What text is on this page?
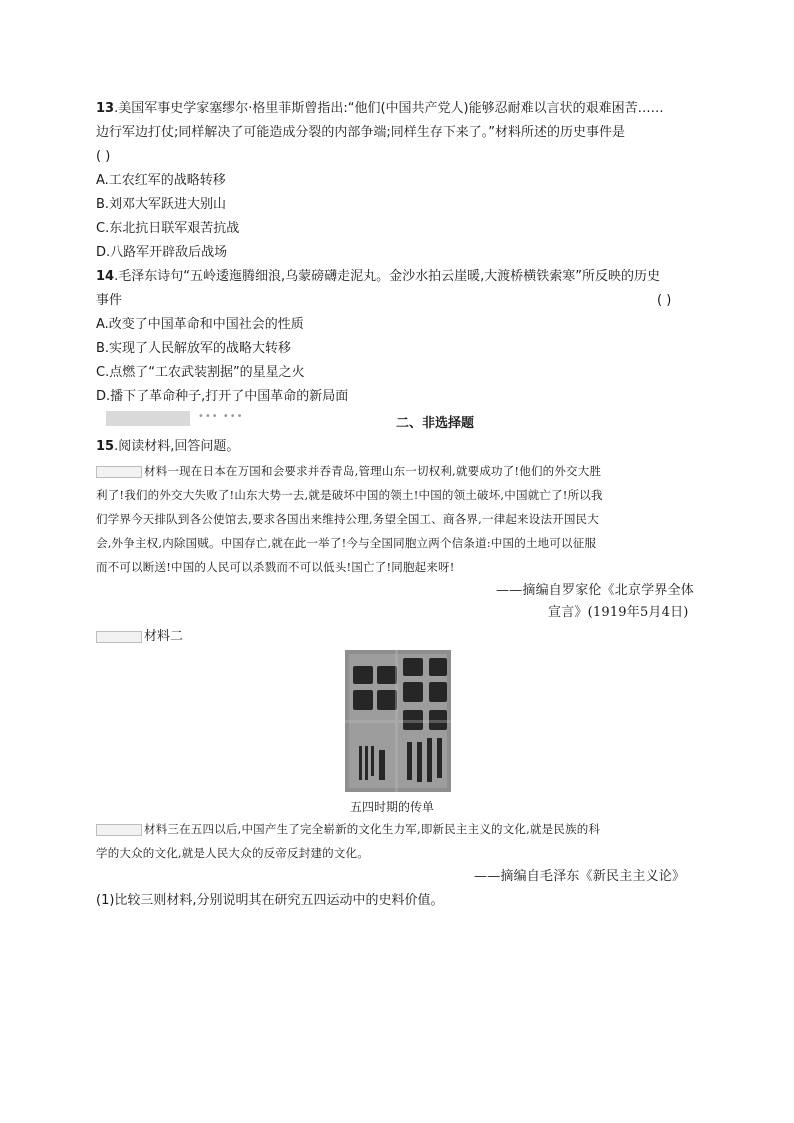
13.美国军事史学家塞缪尔·格里菲斯曾指出:“他们(中国共产党人)能够忍耐难以言状的艰难困苦……
边行军边打仗;同样解决了可能造成分裂的内部争端;同样生存下来了。”材料所述的历史事件是
( )
A.工农红军的战略转移
B.刘邓大军跃进大别山
C.东北抗日联军艰苦抗战
D.八路军开辟敌后战场
14.毛泽东诗句“五岭逶迤腾细浪,乌蒙磅礴走泥丸。金沙水拍云崖暖,大渡桥横铁索寒”所反映的历史
事件	( )
A.改变了中国革命和中国社会的性质
B.实现了人民解放军的战略大转移
C.点燃了“工农武装割据”的星星之火
D.播下了革命种子,打开了中国革命的新局面
••• •••	二、非选择题
15.阅读材料,回答问题。
材料一现在日本在万国和会要求并吞青岛,管理山东一切权利,就要成功了!他们的外交大胜
利了!我们的外交大失败了!山东大势一去,就是破坏中国的领土!中国的领土破坏,中国就亡了!所以我
们学界今天排队到各公使馆去,要求各国出来维持公理,务望全国工、商各界,一律起来设法开国民大
会,外争主权,内除国贼。中国存亡,就在此一举了!今与全国同胞立两个信条道:中国的土地可以征服
而不可以断送!中国的人民可以杀戮而不可以低头!国亡了!同胞起来呀!
——摘编自罗家伦《北京学界全体
宣言》(1919年5月4日)
材料二
五四时期的传单
材料三在五四以后,中国产生了完全崭新的文化生力军,即新民主主义的文化,就是民族的科
学的大众的文化,就是人民大众的反帝反封建的文化。
——摘编自毛泽东《新民主主义论》
(1)比较三则材料,分别说明其在研究五四运动中的史料价值。
